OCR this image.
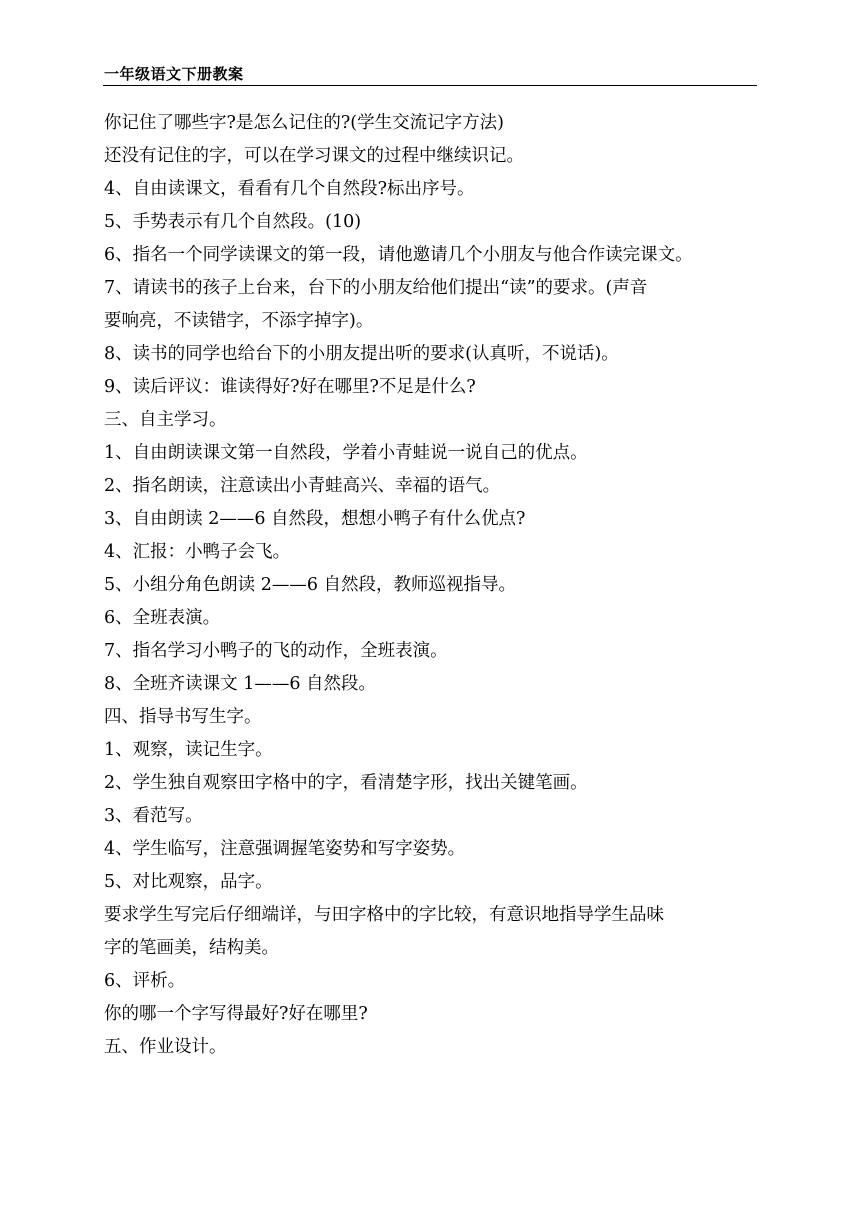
一年级语文下册教案
你记住了哪些字?是怎么记住的?(学生交流记字方法)
还没有记住的字，可以在学习课文的过程中继续识记。
4、自由读课文，看看有几个自然段?标出序号。
5、手势表示有几个自然段。(10)
6、指名一个同学读课文的第一段，请他邀请几个小朋友与他合作读完课文。
7、请读书的孩子上台来，台下的小朋友给他们提出“读”的要求。(声音
要响亮，不读错字，不添字掉字)。
8、读书的同学也给台下的小朋友提出听的要求(认真听，不说话)。
9、读后评议：谁读得好?好在哪里?不足是什么?
三、自主学习。
1、自由朗读课文第一自然段，学着小青蛙说一说自己的优点。
2、指名朗读，注意读出小青蛙高兴、幸福的语气。
3、自由朗读 2——6 自然段，想想小鸭子有什么优点?
4、汇报：小鸭子会飞。
5、小组分角色朗读 2——6 自然段，教师巡视指导。
6、全班表演。
7、指名学习小鸭子的飞的动作，全班表演。
8、全班齐读课文 1——6 自然段。
四、指导书写生字。
1、观察，读记生字。
2、学生独自观察田字格中的字，看清楚字形，找出关键笔画。
3、看范写。
4、学生临写，注意强调握笔姿势和写字姿势。
5、对比观察，品字。
要求学生写完后仔细端详，与田字格中的字比较，有意识地指导学生品味
字的笔画美，结构美。
6、评析。
你的哪一个字写得最好?好在哪里?
五、作业设计。
